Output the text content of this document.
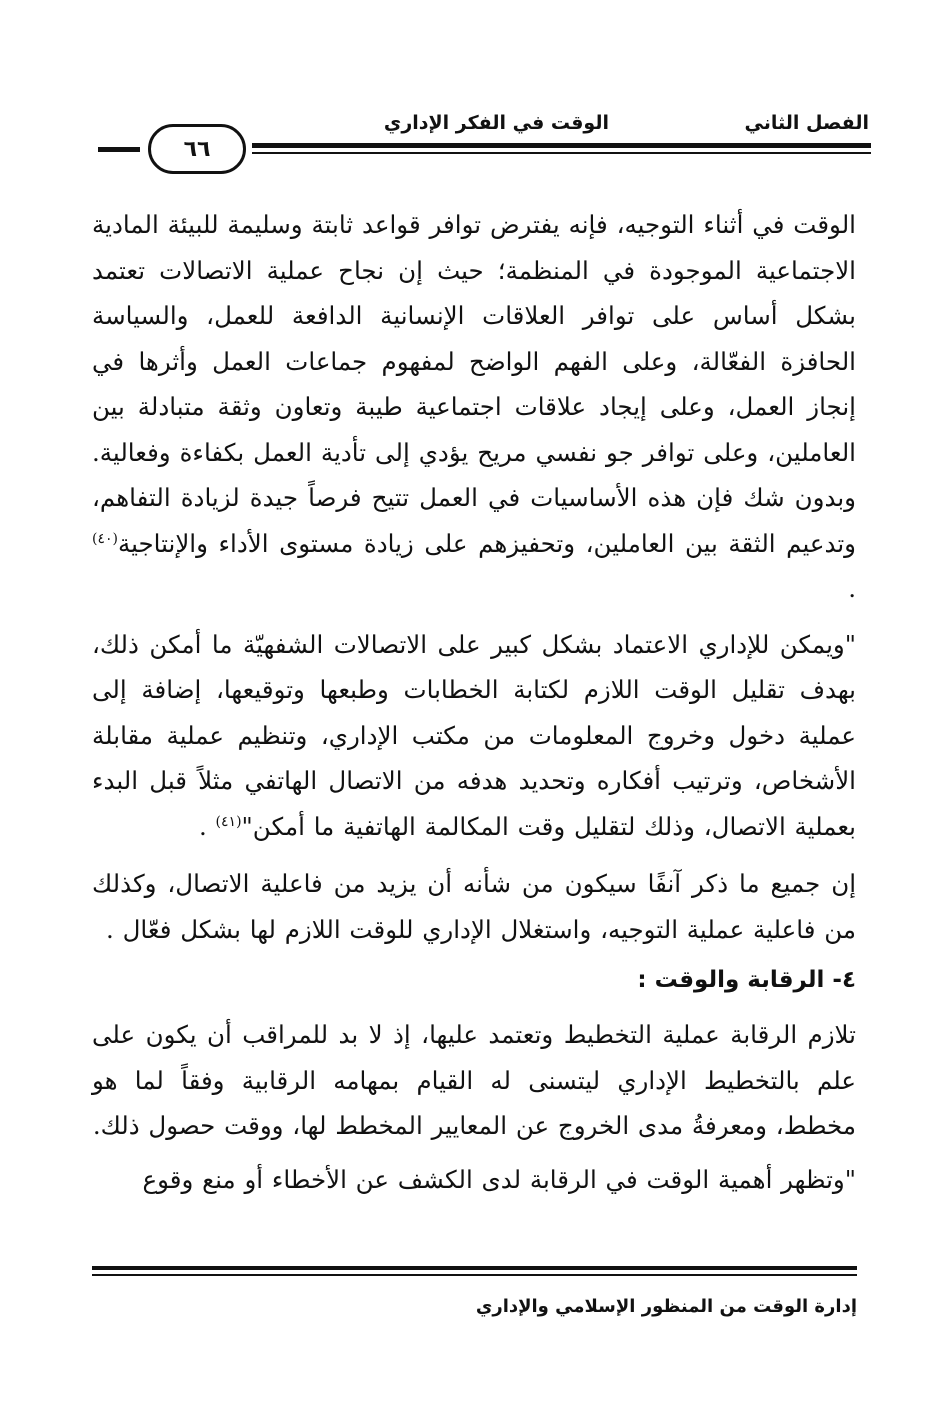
الفصل الثاني
الوقت في الفكر الإداري
٦٦

الوقت في أثناء التوجيه، فإنه يفترض توافر قواعد ثابتة وسليمة للبيئة المادية الاجتماعية الموجودة في المنظمة؛ حيث إن نجاح عملية الاتصالات تعتمد بشكل أساس على توافر العلاقات الإنسانية الدافعة للعمل، والسياسة الحافزة الفعّالة، وعلى الفهم الواضح لمفهوم جماعات العمل وأثرها في إنجاز العمل، وعلى إيجاد علاقات اجتماعية طيبة وتعاون وثقة متبادلة بين العاملين، وعلى توافر جو نفسي مريح يؤدي إلى تأدية العمل بكفاءة وفعالية. وبدون شك فإن هذه الأساسيات في العمل تتيح فرصاً جيدة لزيادة التفاهم، وتدعيم الثقة بين العاملين، وتحفيزهم على زيادة مستوى الأداء والإنتاجية$^{(٤٠)}$ .

"ويمكن للإداري الاعتماد بشكل كبير على الاتصالات الشفهيّة ما أمكن ذلك، بهدف تقليل الوقت اللازم لكتابة الخطابات وطبعها وتوقيعها، إضافة إلى عملية دخول وخروج المعلومات من مكتب الإداري، وتنظيم عملية مقابلة الأشخاص، وترتيب أفكاره وتحديد هدفه من الاتصال الهاتفي مثلاً قبل البدء بعملية الاتصال، وذلك لتقليل وقت المكالمة الهاتفية ما أمكن"$^{(٤١)}$ .

إن جميع ما ذكر آنفًا سيكون من شأنه أن يزيد من فاعلية الاتصال، وكذلك من فاعلية عملية التوجيه، واستغلال الإداري للوقت اللازم لها بشكل فعّال .

٤- الرقابة والوقت :

تلازم الرقابة عملية التخطيط وتعتمد عليها، إذ لا بد للمراقب أن يكون على علم بالتخطيط الإداري ليتسنى له القيام بمهامه الرقابية وفقاً لما هو مخطط، ومعرفةُ مدى الخروج عن المعايير المخطط لها، ووقت حصول ذلك.

"وتظهر أهمية الوقت في الرقابة لدى الكشف عن الأخطاء أو منع وقوع

إدارة الوقت من المنظور الإسلامي والإداري
